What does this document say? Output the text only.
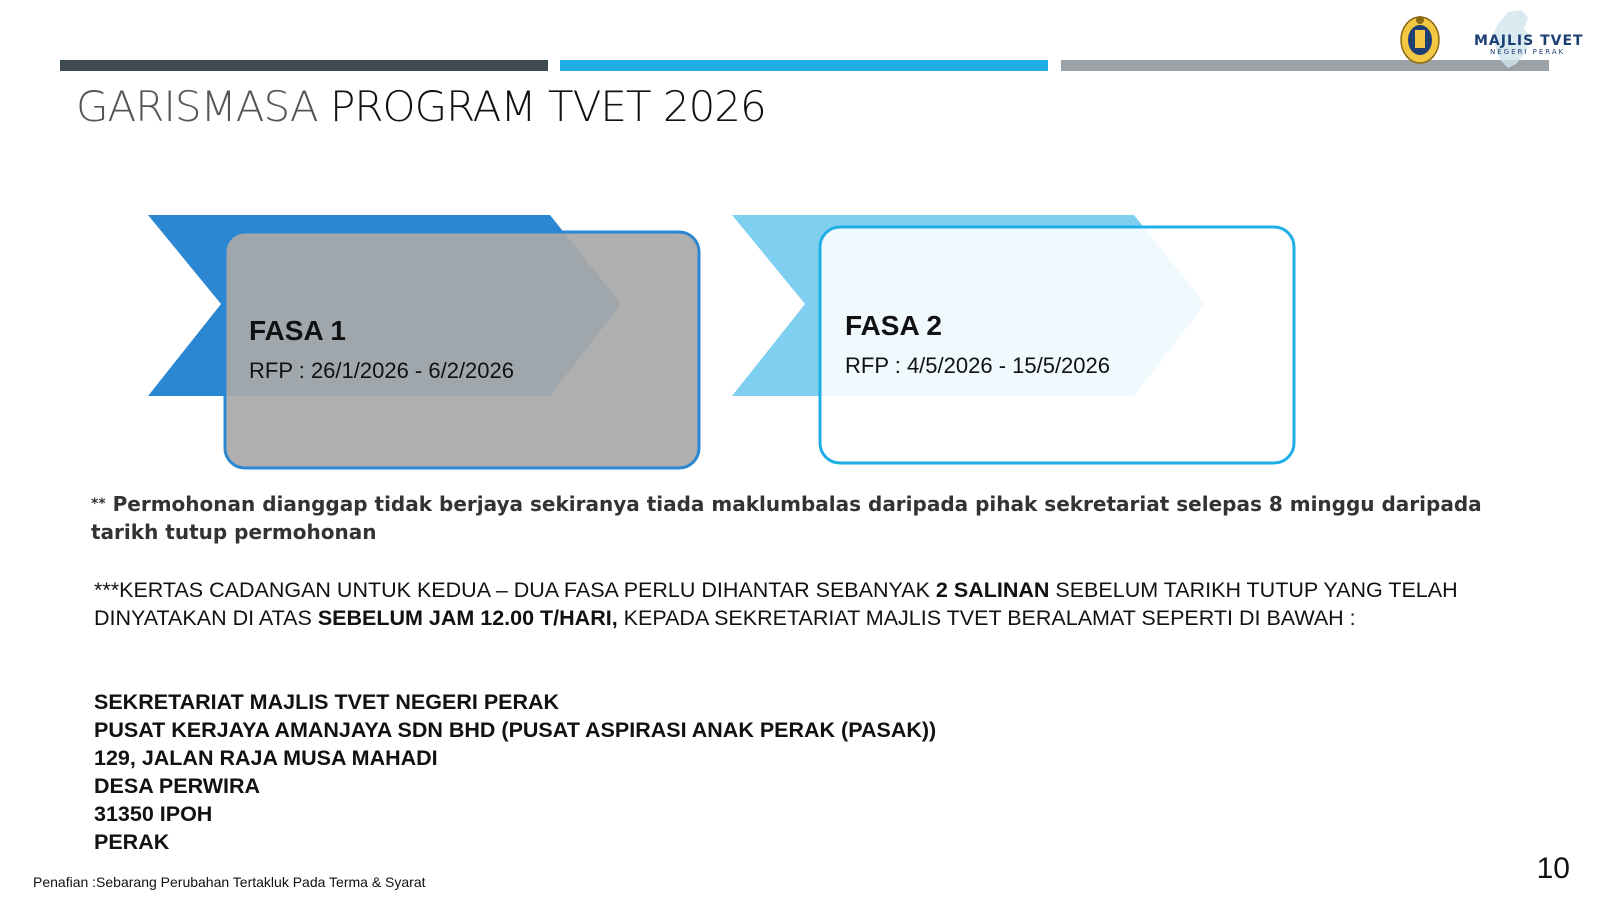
MAJLIS TVET
NEGERI PERAK
GARISMASA PROGRAM TVET 2026
FASA 1
RFP : 26/1/2026 - 6/2/2026
FASA 2
RFP : 4/5/2026 - 15/5/2026
** Permohonan dianggap tidak berjaya sekiranya tiada maklumbalas daripada pihak sekretariat selepas 8 minggu daripada tarikh tutup permohonan
***KERTAS CADANGAN UNTUK KEDUA – DUA FASA PERLU DIHANTAR SEBANYAK 2 SALINAN SEBELUM TARIKH TUTUP YANG TELAH DINYATAKAN DI ATAS SEBELUM JAM 12.00 T/HARI, KEPADA SEKRETARIAT MAJLIS TVET BERALAMAT SEPERTI DI BAWAH :
SEKRETARIAT MAJLIS TVET NEGERI PERAK
PUSAT KERJAYA AMANJAYA SDN BHD (PUSAT ASPIRASI ANAK PERAK (PASAK))
129, JALAN RAJA MUSA MAHADI
DESA PERWIRA
31350 IPOH
PERAK
Penafian :Sebarang Perubahan Tertakluk Pada Terma & Syarat	10
